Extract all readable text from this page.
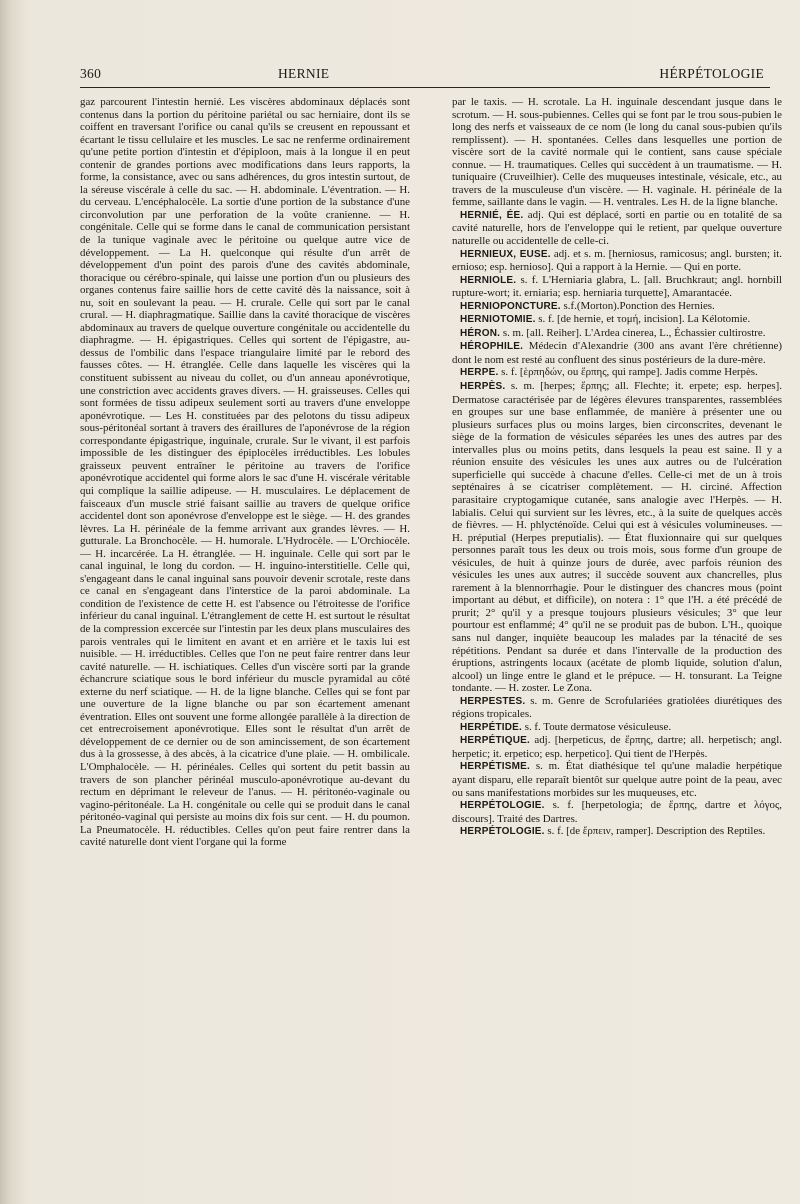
360	HERNIE	HÉRPÉTOLOGIE

gaz parcourent l'intestin hernié. Les viscères abdominaux déplacés sont contenus dans la portion du péritoine pariétal ou sac herniaire, dont ils se coiffent en traversant l'orifice ou canal qu'ils se creusent en repoussant et écartant le tissu cellulaire et les muscles. Le sac ne renferme ordinairement qu'une petite portion d'intestin et d'épiploon, mais à la longue il en peut contenir de grandes portions avec modifications dans leurs rapports, la forme, la consistance, avec ou sans adhérences, du gros intestin surtout, de la séreuse viscérale à celle du sac. — H. abdominale. L'éventration. — H. du cerveau. L'encéphalocèle. La sortie d'une portion de la substance d'une circonvolution par une perforation de la voûte cranienne. — H. congénitale. Celle qui se forme dans le canal de communication persistant de la tunique vaginale avec le péritoine ou quelque autre vice de développement. — La H. quelconque qui résulte d'un arrêt de développement d'un point des parois d'une des cavités abdominale, thoracique ou cérébro-spinale, qui laisse une portion d'un ou plusieurs des organes contenus faire saillie hors de cette cavité dès la naissance, soit à nu, soit en soulevant la peau. — H. crurale. Celle qui sort par le canal crural. — H. diaphragmatique. Saillie dans la cavité thoracique de viscères abdominaux au travers de quelque ouverture congénitale ou accidentelle du diaphragme. — H. épigastriques. Celles qui sortent de l'épigastre, au-dessus de l'ombilic dans l'espace triangulaire limité par le rebord des fausses côtes. — H. étranglée. Celle dans laquelle les viscères qui la constituent subissent au niveau du collet, ou d'un anneau aponévrotique, une constriction avec accidents graves divers. — H. graisseuses. Celles qui sont formées de tissu adipeux seulement sorti au travers d'une enveloppe aponévrotique. — Les H. constituées par des pelotons du tissu adipeux sous-péritonéal sortant à travers des éraillures de l'aponévrose de la région correspondante épigastrique, inguinale, crurale. Sur le vivant, il est parfois impossible de les distinguer des épiplocèles irréductibles. Les lobules graisseux peuvent entraîner le péritoine au travers de l'orifice aponévrotique accidentel qui forme alors le sac d'une H. viscérale véritable qui complique la saillie adipeuse. — H. musculaires. Le déplacement de faisceaux d'un muscle strié faisant saillie au travers de quelque orifice accidentel dont son aponévrose d'enveloppe est le siège. — H. des grandes lèvres. La H. périnéale de la femme arrivant aux grandes lèvres. — H. gutturale. La Bronchocèle. — H. humorale. L'Hydrocèle. — L'Orchiocèle. — H. incarcérée. La H. étranglée. — H. inguinale. Celle qui sort par le canal inguinal, le long du cordon. — H. inguino-interstitielle. Celle qui, s'engageant dans le canal inguinal sans pouvoir devenir scrotale, reste dans ce canal en s'engageant dans l'interstice de la paroi abdominale. La condition de l'existence de cette H. est l'absence ou l'étroitesse de l'orifice inférieur du canal inguinal. L'étranglement de cette H. est surtout le résultat de la compression excercée sur l'intestin par les deux plans musculaires des parois ventrales qui le limitent en avant et en arrière et le taxis lui est nuisible. — H. irréductibles. Celles que l'on ne peut faire rentrer dans leur cavité naturelle. — H. ischiatiques. Celles d'un viscère sorti par la grande échancrure sciatique sous le bord inférieur du muscle pyramidal au côté externe du nerf sciatique. — H. de la ligne blanche. Celles qui se font par une ouverture de la ligne blanche ou par son écartement amenant éventration. Elles ont souvent une forme allongée parallèle à la direction de cet entrecroisement aponévrotique. Elles sont le résultat d'un arrêt de développement de ce dernier ou de son amincissement, de son écartement dus à la grossesse, à des abcès, à la cicatrice d'une plaie. — H. ombilicale. L'Omphalocèle. — H. périnéales. Celles qui sortent du petit bassin au travers de son plancher périnéal musculo-aponévrotique au-devant du rectum en déprimant le releveur de l'anus. — H. péritonéo-vaginale ou vagino-péritonéale. La H. congénitale ou celle qui se produit dans le canal péritonéo-vaginal qui persiste au moins dix fois sur cent. — H. du poumon. La Pneumatocèle. H. réductibles. Celles qu'on peut faire rentrer dans la cavité naturelle dont vient l'organe qui la forme

par le taxis. — H. scrotale. La H. inguinale descendant jusque dans le scrotum. — H. sous-pubiennes. Celles qui se font par le trou sous-pubien le long des nerfs et vaisseaux de ce nom (le long du canal sous-pubien qu'ils remplissent). — H. spontanées. Celles dans lesquelles une portion de viscère sort de la cavité normale qui le contient, sans cause spéciale connue. — H. traumatiques. Celles qui succèdent à un traumatisme. — H. tuniquaire (Cruveilhier). Celle des muqueuses intestinale, vésicale, etc., au travers de la musculeuse d'un viscère. — H. vaginale. H. périnéale de la femme, saillante dans le vagin. — H. ventrales. Les H. de la ligne blanche.

HERNIÉ, ÉE. adj. Qui est déplacé, sorti en partie ou en totalité de sa cavité naturelle, hors de l'enveloppe qui le retient, par quelque ouverture naturelle ou accidentelle de celle-ci.

HERNIEUX, EUSE. adj. et s. m. [herniosus, ramicosus; angl. bursten; it. ernioso; esp. hernioso]. Qui a rapport à la Hernie. — Qui en porte.

HERNIOLE. s. f. L'Herniaria glabra, L. [all. Bruchkraut; angl. hornbill rupture-wort; it. erniaria; esp. herniaria turquette], Amarantacée.

HERNIOPONCTURE. s.f.(Morton).Ponction des Hernies.

HERNIOTOMIE. s. f. [de hernie, et τομή, incision]. La Kélotomie.

HÉRON. s. m. [all. Reiher]. L'Ardea cinerea, L., Échassier cultirostre.

HÉROPHILE. Médecin d'Alexandrie (300 ans avant l'ère chrétienne) dont le nom est resté au confluent des sinus postérieurs de la dure-mère.

HERPE. s. f. [ἑρπηδών, ou ἕρπης, qui rampe]. Jadis comme Herpès.

HERPÈS. s. m. [herpes; ἕρπης; all. Flechte; it. erpete; esp. herpes]. Dermatose caractérisée par de légères élevures transparentes, rassemblées en groupes sur une base enflammée, de manière à présenter une ou plusieurs surfaces plus ou moins larges, bien circonscrites, devenant le siège de la formation de vésicules séparées les unes des autres par des intervalles plus ou moins petits, dans lesquels la peau est saine. Il y a réunion ensuite des vésicules les unes aux autres ou de l'ulcération superficielle qui succède à chacune d'elles. Celle-ci met de un à trois septénaires à se cicatriser complètement. — H. circiné. Affection parasitaire cryptogamique cutanée, sans analogie avec l'Herpès. — H. labialis. Celui qui survient sur les lèvres, etc., à la suite de quelques accès de fièvres. — H. phlycténoïde. Celui qui est à vésicules volumineuses. — H. préputial (Herpes preputialis). — État fluxionnaire qui sur quelques personnes paraît tous les deux ou trois mois, sous forme d'un groupe de vésicules, de huit à quinze jours de durée, avec parfois réunion des vésicules les unes aux autres; il succède souvent aux chancrelles, plus rarement à la blennorrhagie. Pour le distinguer des chancres mous (point important au début, et difficile), on notera : 1° que l'H. a été précédé de prurit; 2° qu'il y a presque toujours plusieurs vésicules; 3° que leur pourtour est enflammé; 4° qu'il ne se produit pas de bubon. L'H., quoique sans nul danger, inquiète beaucoup les malades par la ténacité de ses répétitions. Pendant sa durée et dans l'intervalle de la production des éruptions, astringents locaux (acétate de plomb liquide, solution d'alun, alcool) un linge entre le gland et le prépuce. — H. tonsurant. La Teigne tondante. — H. zoster. Le Zona.

HERPESTES. s. m. Genre de Scrofulariées gratiolées diurétiques des régions tropicales.

HERPÉTIDE. s. f. Toute dermatose vésiculeuse.

HERPÉTIQUE. adj. [herpeticus, de ἕρπης, dartre; all. herpetisch; angl. herpetic; it. erpetico; esp. herpetico]. Qui tient de l'Herpès.

HERPÉTISME. s. m. État diathésique tel qu'une maladie herpétique ayant disparu, elle reparaît bientôt sur quelque autre point de la peau, avec ou sans manifestations morbides sur les muqueuses, etc.

HERPÉTOLOGIE. s. f. [herpetologia; de ἕρπης, dartre et λόγος, discours]. Traité des Dartres.

HERPÉTOLOGIE. s. f. [de ἕρπειν, ramper]. Description des Reptiles.
